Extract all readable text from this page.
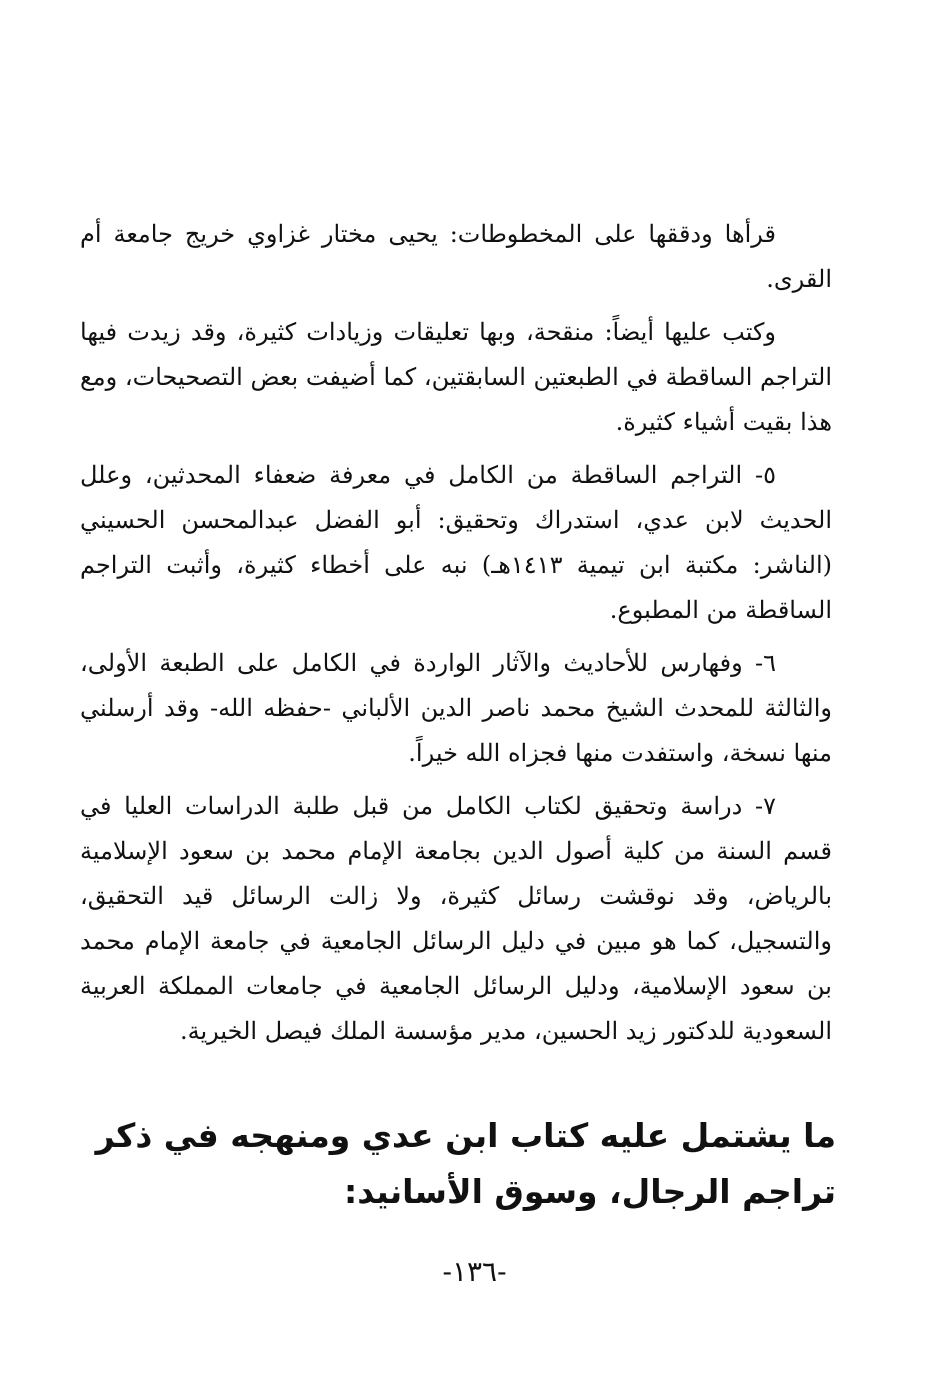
قرأها ودققها على المخطوطات: يحيى مختار غزاوي خريج جامعة أم القرى.

وكتب عليها أيضاً: منقحة، وبها تعليقات وزيادات كثيرة، وقد زيدت فيها التراجم الساقطة في الطبعتين السابقتين، كما أضيفت بعض التصحيحات، ومع هذا بقيت أشياء كثيرة.

٥- التراجم الساقطة من الكامل في معرفة ضعفاء المحدثين، وعلل الحديث لابن عدي، استدراك وتحقيق: أبو الفضل عبدالمحسن الحسيني (الناشر: مكتبة ابن تيمية ١٤١٣هـ) نبه على أخطاء كثيرة، وأثبت التراجم الساقطة من المطبوع.

٦- وفهارس للأحاديث والآثار الواردة في الكامل على الطبعة الأولى، والثالثة للمحدث الشيخ محمد ناصر الدين الألباني -حفظه الله- وقد أرسلني منها نسخة، واستفدت منها فجزاه الله خيراً.

٧- دراسة وتحقيق لكتاب الكامل من قبل طلبة الدراسات العليا في قسم السنة من كلية أصول الدين بجامعة الإمام محمد بن سعود الإسلامية بالرياض، وقد نوقشت رسائل كثيرة، ولا زالت الرسائل قيد التحقيق، والتسجيل، كما هو مبين في دليل الرسائل الجامعية في جامعة الإمام محمد بن سعود الإسلامية، ودليل الرسائل الجامعية في جامعات المملكة العربية السعودية للدكتور زيد الحسين، مدير مؤسسة الملك فيصل الخيرية.

ما يشتمل عليه كتاب ابن عدي ومنهجه في ذكر
تراجم الرجال، وسوق الأسانيد:
-١٣٦-
